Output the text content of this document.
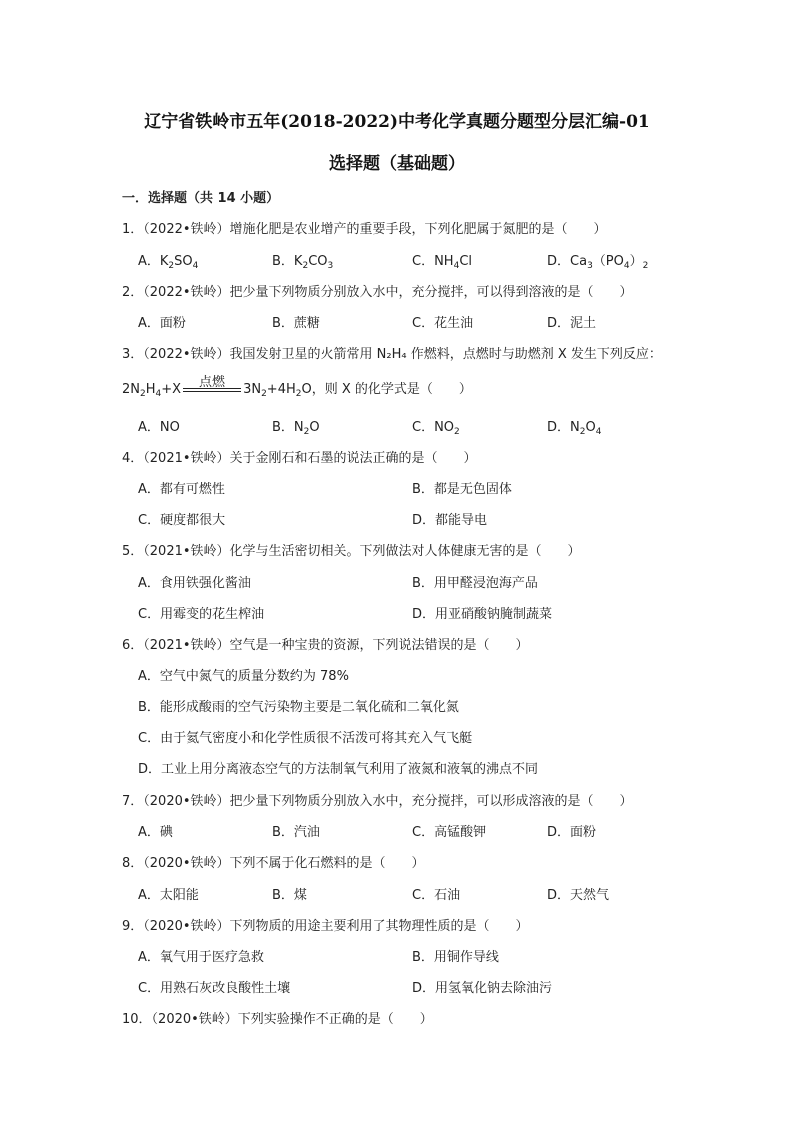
辽宁省铁岭市五年(2018-2022)中考化学真题分题型分层汇编-01
选择题（基础题）
一．选择题（共 14 小题）
1．（2022•铁岭）增施化肥是农业增产的重要手段，下列化肥属于氮肥的是（　　）
A．$K_2SO_4$	B．$K_2CO_3$	C．$NH_4Cl$	D．$Ca_3(PO_4)_2$
2．（2022•铁岭）把少量下列物质分别放入水中，充分搅拌，可以得到溶液的是（　　）
A．面粉	B．蔗糖	C．花生油	D．泥土
3．（2022•铁岭）我国发射卫星的火箭常用 N₂H₄ 作燃料，点燃时与助燃剂 X 发生下列反应：
$2N_2H_4+X$	点燃	$3N_2+4H_2O$，则 X 的化学式是（　　）
A．NO	B．$N_2O$	C．$NO_2$	D．$N_2O_4$
4．（2021•铁岭）关于金刚石和石墨的说法正确的是（　　）
A．都有可燃性	B．都是无色固体
C．硬度都很大	D．都能导电
5．（2021•铁岭）化学与生活密切相关。下列做法对人体健康无害的是（　　）
A．食用铁强化酱油	B．用甲醛浸泡海产品
C．用霉变的花生榨油	D．用亚硝酸钠腌制蔬菜
6．（2021•铁岭）空气是一种宝贵的资源，下列说法错误的是（　　）
A．空气中氮气的质量分数约为 78%
B．能形成酸雨的空气污染物主要是二氧化硫和二氧化氮
C．由于氦气密度小和化学性质很不活泼可将其充入气飞艇
D．工业上用分离液态空气的方法制氧气利用了液氮和液氧的沸点不同
7．（2020•铁岭）把少量下列物质分别放入水中，充分搅拌，可以形成溶液的是（　　）
A．碘	B．汽油	C．高锰酸钾	D．面粉
8．（2020•铁岭）下列不属于化石燃料的是（　　）
A．太阳能	B．煤	C．石油	D．天然气
9．（2020•铁岭）下列物质的用途主要利用了其物理性质的是（　　）
A．氧气用于医疗急救	B．用铜作导线
C．用熟石灰改良酸性土壤	D．用氢氧化钠去除油污
10．（2020•铁岭）下列实验操作不正确的是（　　）
